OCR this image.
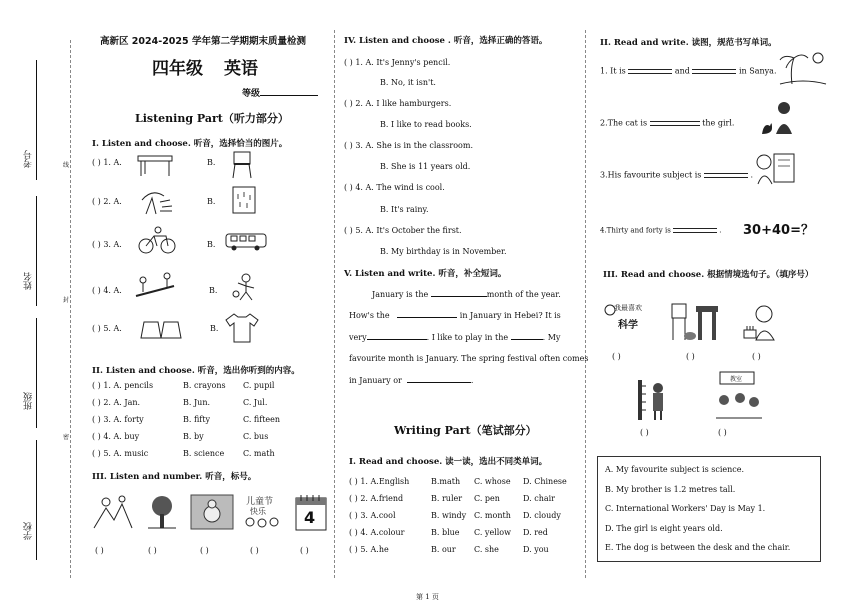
考号
姓名
班级
学校
线
封
密
高新区 2024-2025 学年第二学期期末质量检测
四年级 英语
等级
Listening Part（听力部分）
I. Listen and choose. 听音，选择恰当的图片。
( ) 1. A.	B.
( ) 2. A.	B.
( ) 3. A.	B.
( ) 4. A.	B.
( ) 5. A.	B.
II. Listen and choose. 听音，选出你听到的内容。
( ) 1. A. pencils	B. crayons C. pupil
( ) 2. A. Jan.	B. Jun.	C. Jul.
( ) 3. A. forty	B. fifty	C. fifteen
( ) 4. A. buy	B. by	C. bus
( ) 5. A. music	B. science C. math
III. Listen and number. 听音，标号。
儿童节
快乐 4
( )	( )	( )	( )	( )
IV. Listen and choose . 听音，选择正确的答语。
( ) 1. A. It's Jenny's pencil.
B. No, it isn't.
( ) 2. A. I like hamburgers.
B. I like to read books.
( ) 3. A. She is in the classroom.
B. She is 11 years old.
( ) 4. A. The wind is cool.
B. It's rainy.
( ) 5. A. It's October the first.
B. My birthday is in November.
V. Listen and write. 听音，补全短词。
January is the	month of the year.
How's the	in January in Hebei? It is
very	. I like to play in the	. My
favourite month is January. The spring festival often comes
in January or	.
Writing Part（笔试部分）
I. Read and choose. 读一读，选出不同类单词。
( ) 1. A.English	B.math C. whose D. Chinese
( ) 2. A.friend	B. ruler C. pen	D. chair
( ) 3. A.cool	B. windy C. month D. cloudy
( ) 4. A.colour	B. blue C. yellow D. red
( ) 5. A.he	B. our C. she	D. you
II. Read and write. 读图，规范书写单词。
1. It is	and	in Sanya.
2.The cat is	the girl.
3.His favourite subject is	.
4.Thirty and forty is	. 30+40=？
III. Read and choose. 根据情境选句子。（填序号）
我最喜欢
科学
( )	( )	( )
教室
( )	( )
A. My favourite subject is science.
B. My brother is 1.2 metres tall.
C. International Workers' Day is May 1.
D. The girl is eight years old.
E. The dog is between the desk and the chair.
第 1 页
